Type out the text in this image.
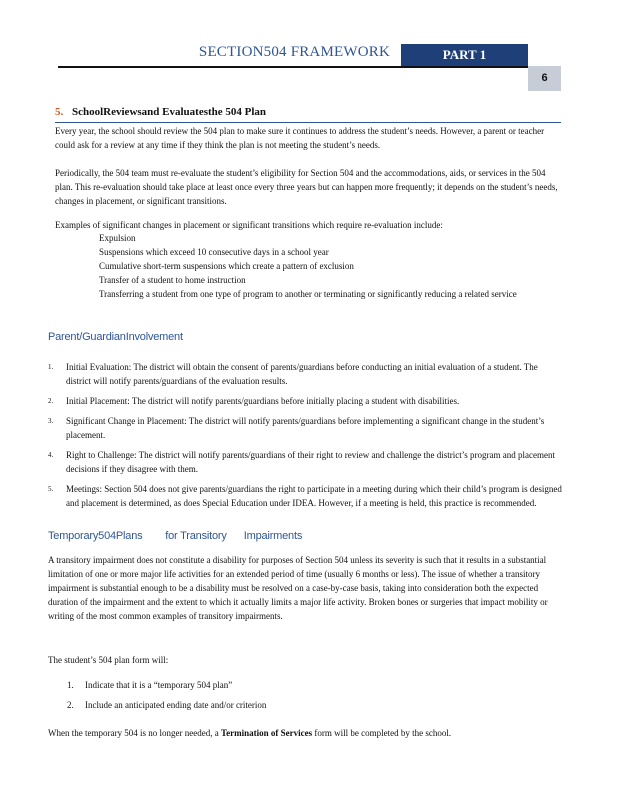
SECTION504 FRAMEWORK	PART 1
6
5. SchoolReviewsand Evaluatesthe 504 Plan

Every year, the school should review the 504 plan to make sure it continues to address the student’s needs. However, a parent or teacher could ask for a review at any time if they think the plan is not meeting the student’s needs.

Periodically, the 504 team must re-evaluate the student’s eligibility for Section 504 and the accommodations, aids, or services in the 504 plan. This re-evaluation should take place at least once every three years but can happen more frequently; it depends on the student’s needs, changes in placement, or significant transitions.

Examples of significant changes in placement or significant transitions which require re-evaluation include:

Expulsion
Suspensions which exceed 10 consecutive days in a school year
Cumulative short-term suspensions which create a pattern of exclusion
Transfer of a student to home instruction
Transferring a student from one type of program to another or terminating or significantly reducing a related service
Parent/GuardianInvolvement
1. Initial Evaluation: The district will obtain the consent of parents/guardians before conducting an initial evaluation of a student. The district will notify parents/guardians of the evaluation results.
2. Initial Placement: The district will notify parents/guardians before initially placing a student with disabilities.
3. Significant Change in Placement: The district will notify parents/guardians before implementing a significant change in the student’s placement.
4. Right to Challenge: The district will notify parents/guardians of their right to review and challenge the district’s program and placement decisions if they disagree with them.
5. Meetings: Section 504 does not give parents/guardians the right to participate in a meeting during which their child’s program is designed and placement is determined, as does Special Education under IDEA. However, if a meeting is held, this practice is recommended.
Temporary504Plans        for Transitory      Impairments

A transitory impairment does not constitute a disability for purposes of Section 504 unless its severity is such that it results in a substantial limitation of one or more major life activities for an extended period of time (usually 6 months or less). The issue of whether a transitory impairment is substantial enough to be a disability must be resolved on a case-by-case basis, taking into consideration both the expected duration of the impairment and the extent to which it actually limits a major life activity. Broken bones or surgeries that impact mobility or writing of the most common examples of transitory impairments.

The student’s 504 plan form will:

1. Indicate that it is a “temporary 504 plan”
2. Include an anticipated ending date and/or criterion

When the temporary 504 is no longer needed, a Termination of Services form will be completed by the school.
